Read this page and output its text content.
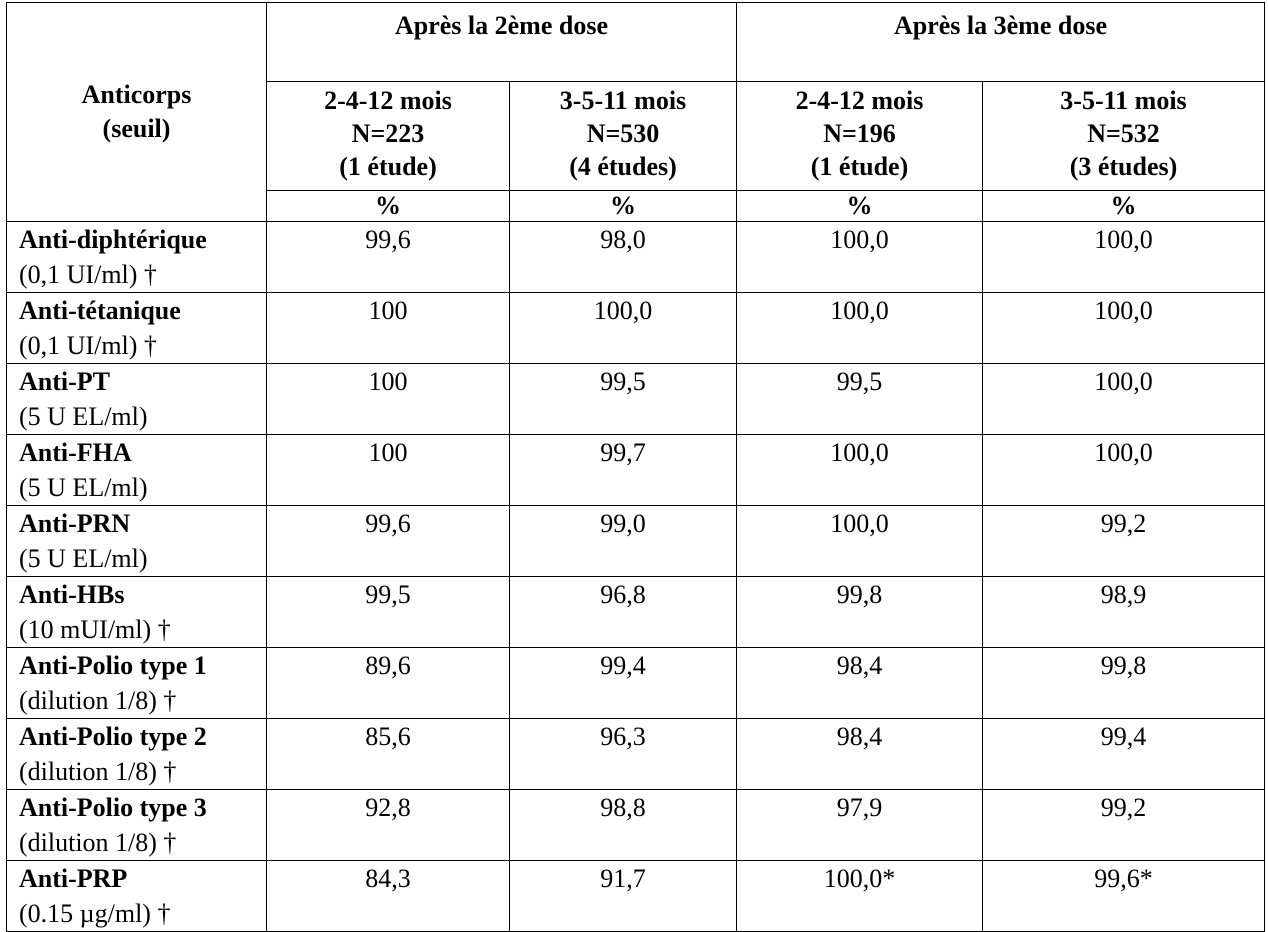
Anticorps
(seuil)	Après la 2ème dose		Après la 3ème dose	
	2-4-12 mois
N=223
(1 étude)	3-5-11 mois
N=530
(4 études)	2-4-12 mois
N=196
(1 étude)	3-5-11 mois
N=532
(3 études)
	%	%	%	%

Anti-diphtérique
(0,1 UI/ml) †	99,6	98,0	100,0	100,0

Anti-tétanique
(0,1 UI/ml) †	100	100,0	100,0	100,0

Anti-PT
(5 U EL/ml)	100	99,5	99,5	100,0

Anti-FHA
(5 U EL/ml)	100	99,7	100,0	100,0

Anti-PRN
(5 U EL/ml)	99,6	99,0	100,0	99,2

Anti-HBs
(10 mUI/ml) †	99,5	96,8	99,8	98,9

Anti-Polio type 1
(dilution 1/8) †	89,6	99,4	98,4	99,8

Anti-Polio type 2
(dilution 1/8) †	85,6	96,3	98,4	99,4

Anti-Polio type 3
(dilution 1/8) †	92,8	98,8	97,9	99,2

Anti-PRP
(0.15 µg/ml) †	84,3	91,7	100,0*	99,6*
